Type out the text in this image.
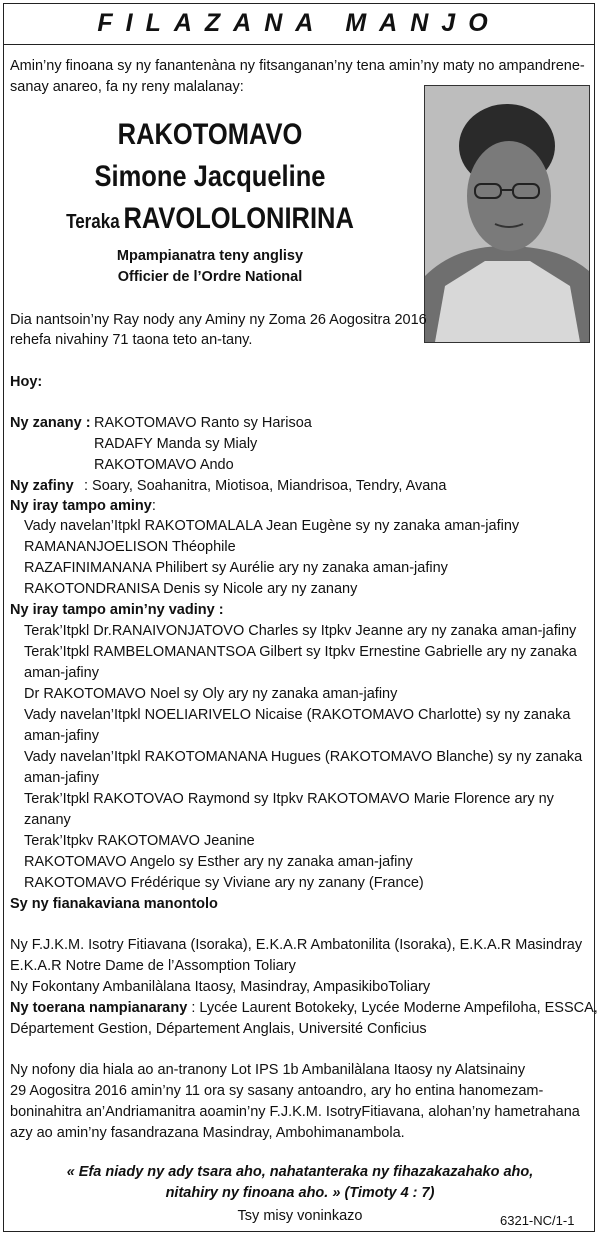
FILAZANA MANJO
Amin’ny finoana sy ny fanantenàna ny fitsanganan’ny tena amin’ny maty no ampandrene-
sanay anareo, fa ny reny malalanay:
RAKOTOMAVO
Simone Jacqueline
Teraka RAVOLOLONIRINA
Mpampianatra teny anglisy
Officier de l’Ordre National
Dia nantsoin’ny Ray nody any Aminy ny Zoma 26 Aogositra 2016
rehefa nivahiny 71 taona teto an-tany.
Hoy:
Ny zanany : RAKOTOMAVO Ranto sy Harisoa
RADAFY Manda sy Mialy
RAKOTOMAVO Ando
Ny zafiny : Soary, Soahanitra, Miotisoa, Miandrisoa, Tendry, Avana
Ny iray tampo aminy:
Vady navelan’Itpkl RAKOTOMALALA Jean Eugène sy ny zanaka aman-jafiny
RAMANANJOELISON Théophile
RAZAFINIMANANA Philibert sy Aurélie ary ny zanaka aman-jafiny
RAKOTONDRANISA Denis sy Nicole ary ny zanany
Ny iray tampo amin’ny vadiny :
Terak’Itpkl Dr.RANAIVONJATOVO Charles sy Itpkv Jeanne ary ny zanaka aman-jafiny
Terak’Itpkl RAMBELOMANANTSOA Gilbert sy Itpkv Ernestine Gabrielle ary ny zanaka
aman-jafiny
Dr RAKOTOMAVO Noel sy Oly ary ny zanaka aman-jafiny
Vady navelan’Itpkl NOELIARIVELO Nicaise (RAKOTOMAVO Charlotte) sy ny zanaka
aman-jafiny
Vady navelan’Itpkl RAKOTOMANANA Hugues (RAKOTOMAVO Blanche) sy ny zanaka
aman-jafiny
Terak’Itpkl RAKOTOVAO Raymond sy Itpkv RAKOTOMAVO Marie Florence ary ny
zanany
Terak’Itpkv RAKOTOMAVO Jeanine
RAKOTOMAVO Angelo sy Esther ary ny zanaka aman-jafiny
RAKOTOMAVO Frédérique sy Viviane ary ny zanany (France)
Sy ny fianakaviana manontolo
Ny F.J.K.M. Isotry Fitiavana (Isoraka), E.K.A.R Ambatonilita (Isoraka), E.K.A.R Masindray
E.K.A.R Notre Dame de l’Assomption Toliary
Ny Fokontany Ambanilàlana Itaosy, Masindray, AmpasikiboToliary
Ny toerana nampianarany : Lycée Laurent Botokeky, Lycée Moderne Ampefiloha, ESSCA,
Département Gestion, Département Anglais, Université Conficius
Ny nofony dia hiala ao an-tranony Lot IPS 1b Ambanilàlana Itaosy ny Alatsinainy
29 Aogositra 2016 amin’ny 11 ora sy sasany antoandro, ary ho entina hanomezam-
boninahitra an’Andriamanitra aoamin’ny F.J.K.M. IsotryFitiavana, alohan’ny hametrahana
azy ao amin’ny fasandrazana Masindray, Ambohimanambola.
« Efa niady ny ady tsara aho, nahatanteraka ny fihazakazahako aho,
nitahiry ny finoana aho. » (Timoty 4 : 7)
Tsy misy voninkazo	6321-NC/1-1
